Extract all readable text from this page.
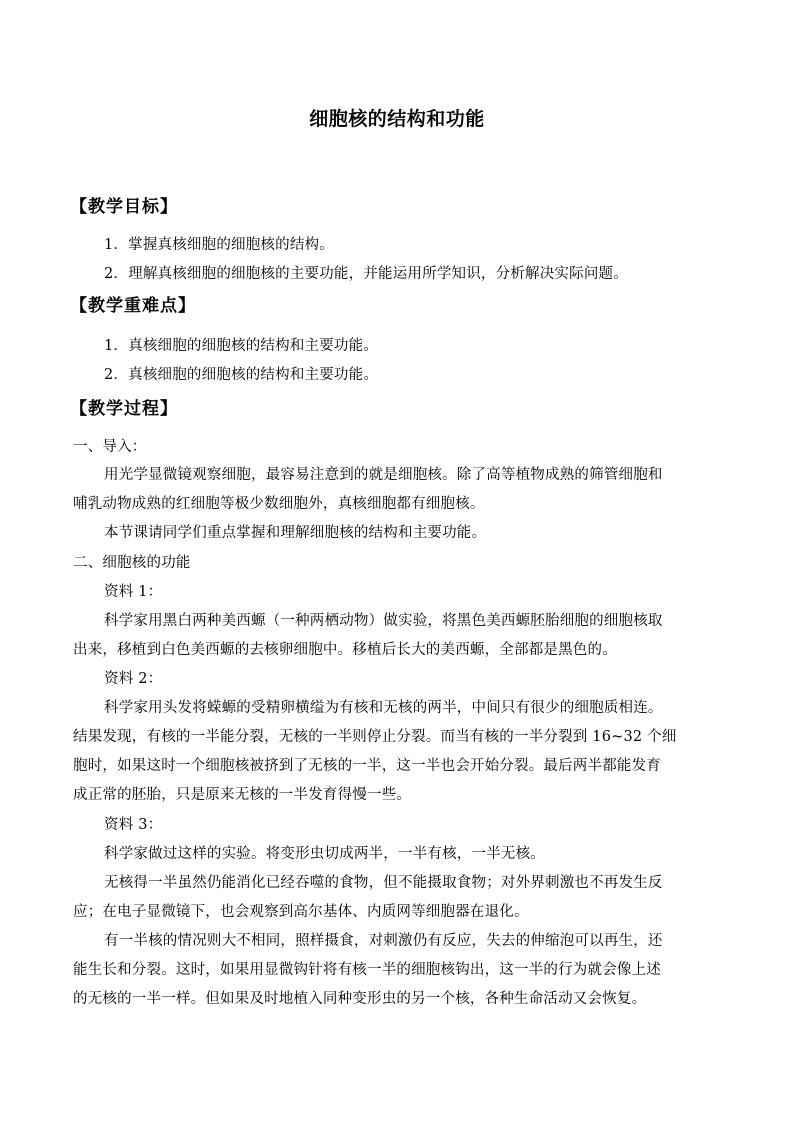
细胞核的结构和功能
【教学目标】
1．掌握真核细胞的细胞核的结构。
2．理解真核细胞的细胞核的主要功能，并能运用所学知识，分析解决实际问题。
【教学重难点】
1．真核细胞的细胞核的结构和主要功能。
2．真核细胞的细胞核的结构和主要功能。
【教学过程】
一、导入：
用光学显微镜观察细胞，最容易注意到的就是细胞核。除了高等植物成熟的筛管细胞和
哺乳动物成熟的红细胞等极少数细胞外，真核细胞都有细胞核。
本节课请同学们重点掌握和理解细胞核的结构和主要功能。
二、细胞核的功能
资料 1：
科学家用黑白两种美西螈（一种两栖动物）做实验，将黑色美西螈胚胎细胞的细胞核取
出来，移植到白色美西螈的去核卵细胞中。移植后长大的美西螈，全部都是黑色的。
资料 2：
科学家用头发将蝾螈的受精卵横缢为有核和无核的两半，中间只有很少的细胞质相连。
结果发现，有核的一半能分裂，无核的一半则停止分裂。而当有核的一半分裂到 16~32 个细
胞时，如果这时一个细胞核被挤到了无核的一半，这一半也会开始分裂。最后两半都能发育
成正常的胚胎，只是原来无核的一半发育得慢一些。
资料 3：
科学家做过这样的实验。将变形虫切成两半，一半有核，一半无核。
无核得一半虽然仍能消化已经吞噬的食物，但不能摄取食物；对外界刺激也不再发生反
应；在电子显微镜下，也会观察到高尔基体、内质网等细胞器在退化。
有一半核的情况则大不相同，照样摄食，对刺激仍有反应，失去的伸缩泡可以再生，还
能生长和分裂。这时，如果用显微钩针将有核一半的细胞核钩出，这一半的行为就会像上述
的无核的一半一样。但如果及时地植入同种变形虫的另一个核，各种生命活动又会恢复。
